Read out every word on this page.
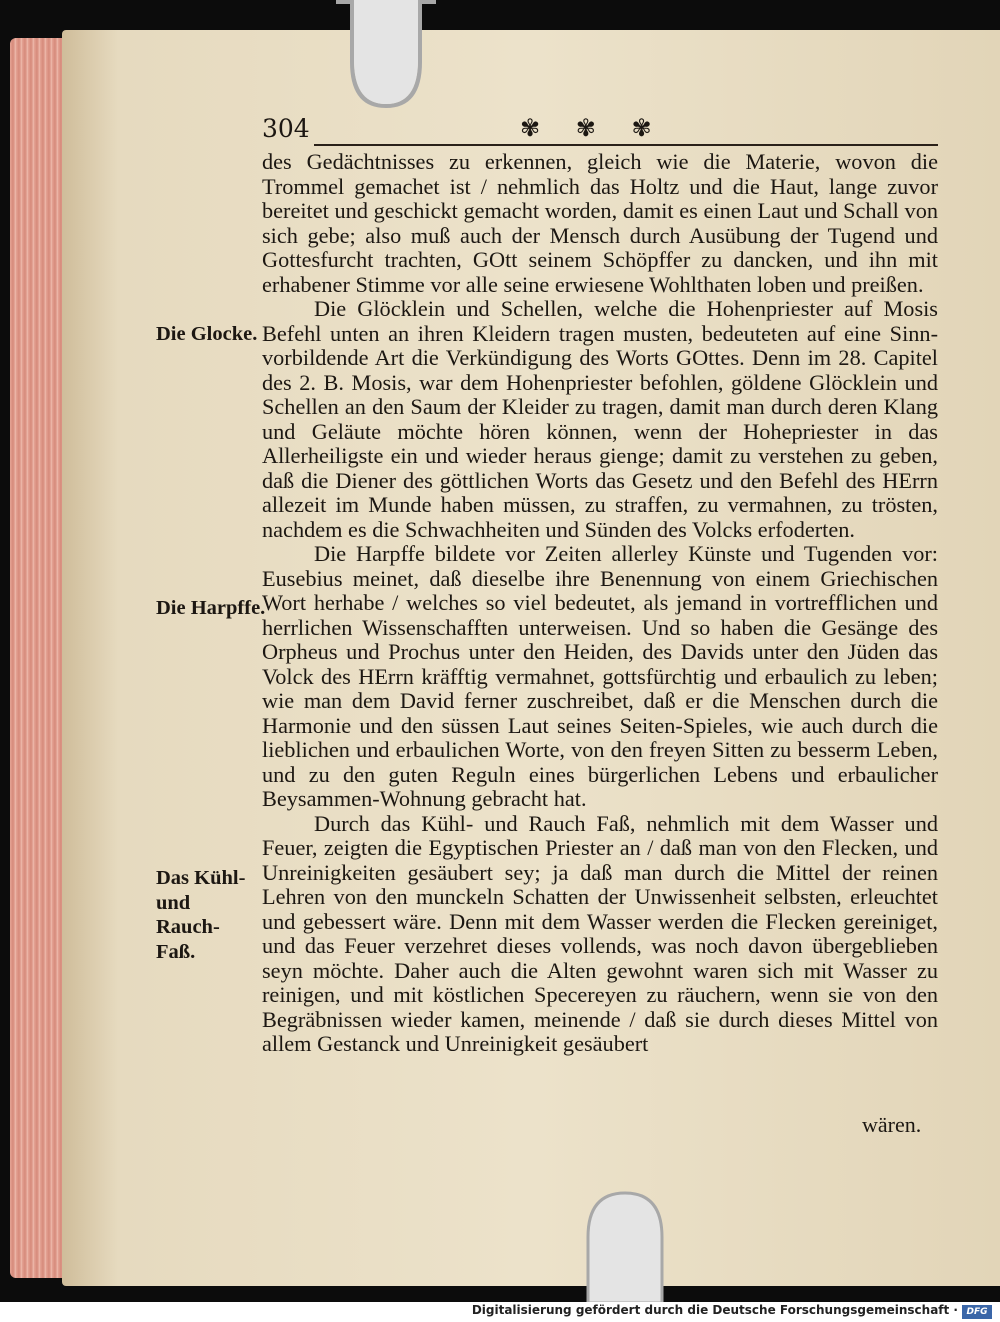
304	✾ ✾ ✾
Die Glocke.
Die Harpffe.
Das Kühl- und Rauch-Faß.

des Gedächtnisses zu erkennen, gleich wie die Materie, wovon die Trommel gemachet ist / nehmlich das Holtz und die Haut, lange zuvor bereitet und geschickt gemacht worden, damit es einen Laut und Schall von sich gebe; also muß auch der Mensch durch Ausübung der Tugend und Gottesfurcht trachten, GOtt seinem Schöpffer zu dancken, und ihn mit erhabener Stimme vor alle seine erwiesene Wohlthaten loben und preißen.

Die Glöcklein und Schellen, welche die Hohenpriester auf Mosis Befehl unten an ihren Kleidern tragen musten, bedeuteten auf eine Sinn-vorbildende Art die Verkündigung des Worts GOttes. Denn im 28. Capitel des 2. B. Mosis, war dem Hohenpriester befohlen, göldene Glöcklein und Schellen an den Saum der Kleider zu tragen, damit man durch deren Klang und Geläute möchte hören können, wenn der Hohepriester in das Allerheiligste ein und wieder heraus gienge; damit zu verstehen zu geben, daß die Diener des göttlichen Worts das Gesetz und den Befehl des HErrn allezeit im Munde haben müssen, zu straffen, zu vermahnen, zu trösten, nachdem es die Schwachheiten und Sünden des Volcks erfoderten.

Die Harpffe bildete vor Zeiten allerley Künste und Tugenden vor: Eusebius meinet, daß dieselbe ihre Benennung von einem Griechischen Wort herhabe / welches so viel bedeutet, als jemand in vortrefflichen und herrlichen Wissenschafften unterweisen. Und so haben die Gesänge des Orpheus und Prochus unter den Heiden, des Davids unter den Jüden das Volck des HErrn kräfftig vermahnet, gottsfürchtig und erbaulich zu leben; wie man dem David ferner zuschreibet, daß er die Menschen durch die Harmonie und den süssen Laut seines Seiten-Spieles, wie auch durch die lieblichen und erbaulichen Worte, von den freyen Sitten zu besserm Leben, und zu den guten Reguln eines bürgerlichen Lebens und erbaulicher Beysammen-Wohnung gebracht hat.

Durch das Kühl- und Rauch Faß, nehmlich mit dem Wasser und Feuer, zeigten die Egyptischen Priester an / daß man von den Flecken, und Unreinigkeiten gesäubert sey; ja daß man durch die Mittel der reinen Lehren von den munckeln Schatten der Unwissenheit selbsten, erleuchtet und gebessert wäre. Denn mit dem Wasser werden die Flecken gereiniget, und das Feuer verzehret dieses vollends, was noch davon übergeblieben seyn möchte. Daher auch die Alten gewohnt waren sich mit Wasser zu reinigen, und mit köstlichen Specereyen zu räuchern, wenn sie von den Begräbnissen wieder kamen, meinende / daß sie durch dieses Mittel von allem Gestanck und Unreinigkeit gesäubert

wären.
Digitalisierung gefördert durch die Deutsche Forschungsgemeinschaft · DFG
